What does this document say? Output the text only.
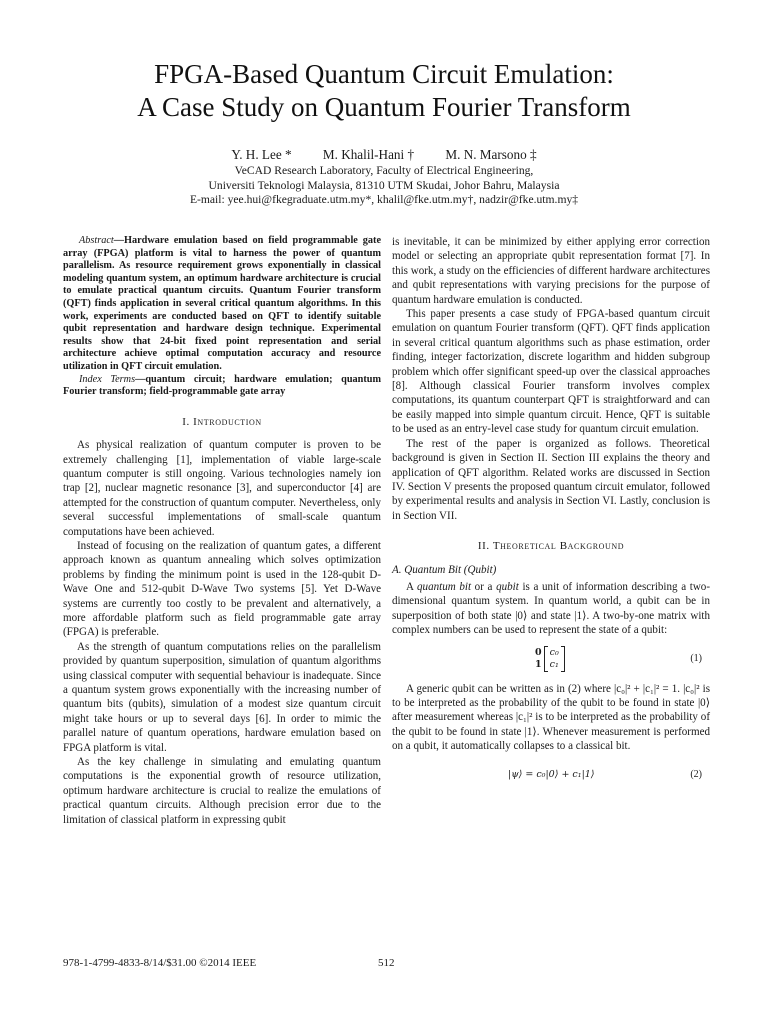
FPGA-Based Quantum Circuit Emulation:
A Case Study on Quantum Fourier Transform
Y. H. Lee * M. Khalil-Hani † M. N. Marsono ‡
VeCAD Research Laboratory, Faculty of Electrical Engineering,
Universiti Teknologi Malaysia, 81310 UTM Skudai, Johor Bahru, Malaysia
E-mail: yee.hui@fkegraduate.utm.my*, khalil@fke.utm.my†, nadzir@fke.utm.my‡

Abstract—Hardware emulation based on field programmable gate array (FPGA) platform is vital to harness the power of quantum parallelism. As resource requirement grows exponentially in classical modeling quantum system, an optimum hardware architecture is crucial to emulate practical quantum circuits. Quantum Fourier transform (QFT) finds application in several critical quantum algorithms. In this work, experiments are conducted based on QFT to identify suitable qubit representation and hardware design technique. Experimental results show that 24-bit fixed point representation and serial architecture achieve optimal computation accuracy and resource utilization in QFT circuit emulation.

Index Terms—quantum circuit; hardware emulation; quantum Fourier transform; field-programmable gate array

I. Introduction

As physical realization of quantum computer is proven to be extremely challenging [1], implementation of viable large-scale quantum computer is still ongoing. Various technologies namely ion trap [2], nuclear magnetic resonance [3], and superconductor [4] are attempted for the construction of quantum computer. Nevertheless, only several successful implementations of small-scale quantum computations have been achieved.

Instead of focusing on the realization of quantum gates, a different approach known as quantum annealing which solves optimization problems by finding the minimum point is used in the 128-qubit D-Wave One and 512-qubit D-Wave Two systems [5]. Yet D-Wave systems are currently too costly to be prevalent and alternatively, a more affordable platform such as field programmable gate array (FPGA) is preferable.

As the strength of quantum computations relies on the parallelism provided by quantum superposition, simulation of quantum algorithms using classical computer with sequential behaviour is inadequate. Since a quantum system grows exponentially with the increasing number of quantum bits (qubits), simulation of a modest size quantum circuit might take hours or up to several days [6]. In order to mimic the parallel nature of quantum operations, hardware emulation based on FPGA platform is vital.

As the key challenge in simulating and emulating quantum computations is the exponential growth of resource utilization, optimum hardware architecture is crucial to realize the emulations of practical quantum circuits. Although precision error due to the limitation of classical platform in expressing qubit

is inevitable, it can be minimized by either applying error correction model or selecting an appropriate qubit representation format [7]. In this work, a study on the efficiencies of different hardware architectures and qubit representations with varying precisions for the purpose of quantum hardware emulation is conducted.

This paper presents a case study of FPGA-based quantum circuit emulation on quantum Fourier transform (QFT). QFT finds application in several critical quantum algorithms such as phase estimation, order finding, integer factorization, discrete logarithm and hidden subgroup problem which offer significant speed-up over the classical approaches [8]. Although classical Fourier transform involves complex computations, its quantum counterpart QFT is straightforward and can be easily mapped into simple quantum circuit. Hence, QFT is suitable to be used as an entry-level case study for quantum circuit emulation.

The rest of the paper is organized as follows. Theoretical background is given in Section II. Section III explains the theory and application of QFT algorithm. Related works are discussed in Section IV. Section V presents the proposed quantum circuit emulator, followed by experimental results and analysis in Section VI. Lastly, conclusion is in Section VII.

II. Theoretical Background
A. Quantum Bit (Qubit)

A quantum bit or a qubit is a unit of information describing a two-dimensional quantum system. In quantum world, a qubit can be in superposition of both state |0⟩ and state |1⟩. A two-by-one matrix with complex numbers can be used to represent the state of a qubit:

0
1
c₀
c₁
(1)

A generic qubit can be written as in (2) where |c₀|² + |c₁|² = 1. |c₀|² is to be interpreted as the probability of the qubit to be found in state |0⟩ after measurement whereas |c₁|² is to be interpreted as the probability of the qubit to be found in state |1⟩. Whenever measurement is performed on a qubit, it automatically collapses to a classical bit.

|ψ⟩ = c₀|0⟩ + c₁|1⟩	(2)
978-1-4799-4833-8/14/$31.00 ©2014 IEEE	512
